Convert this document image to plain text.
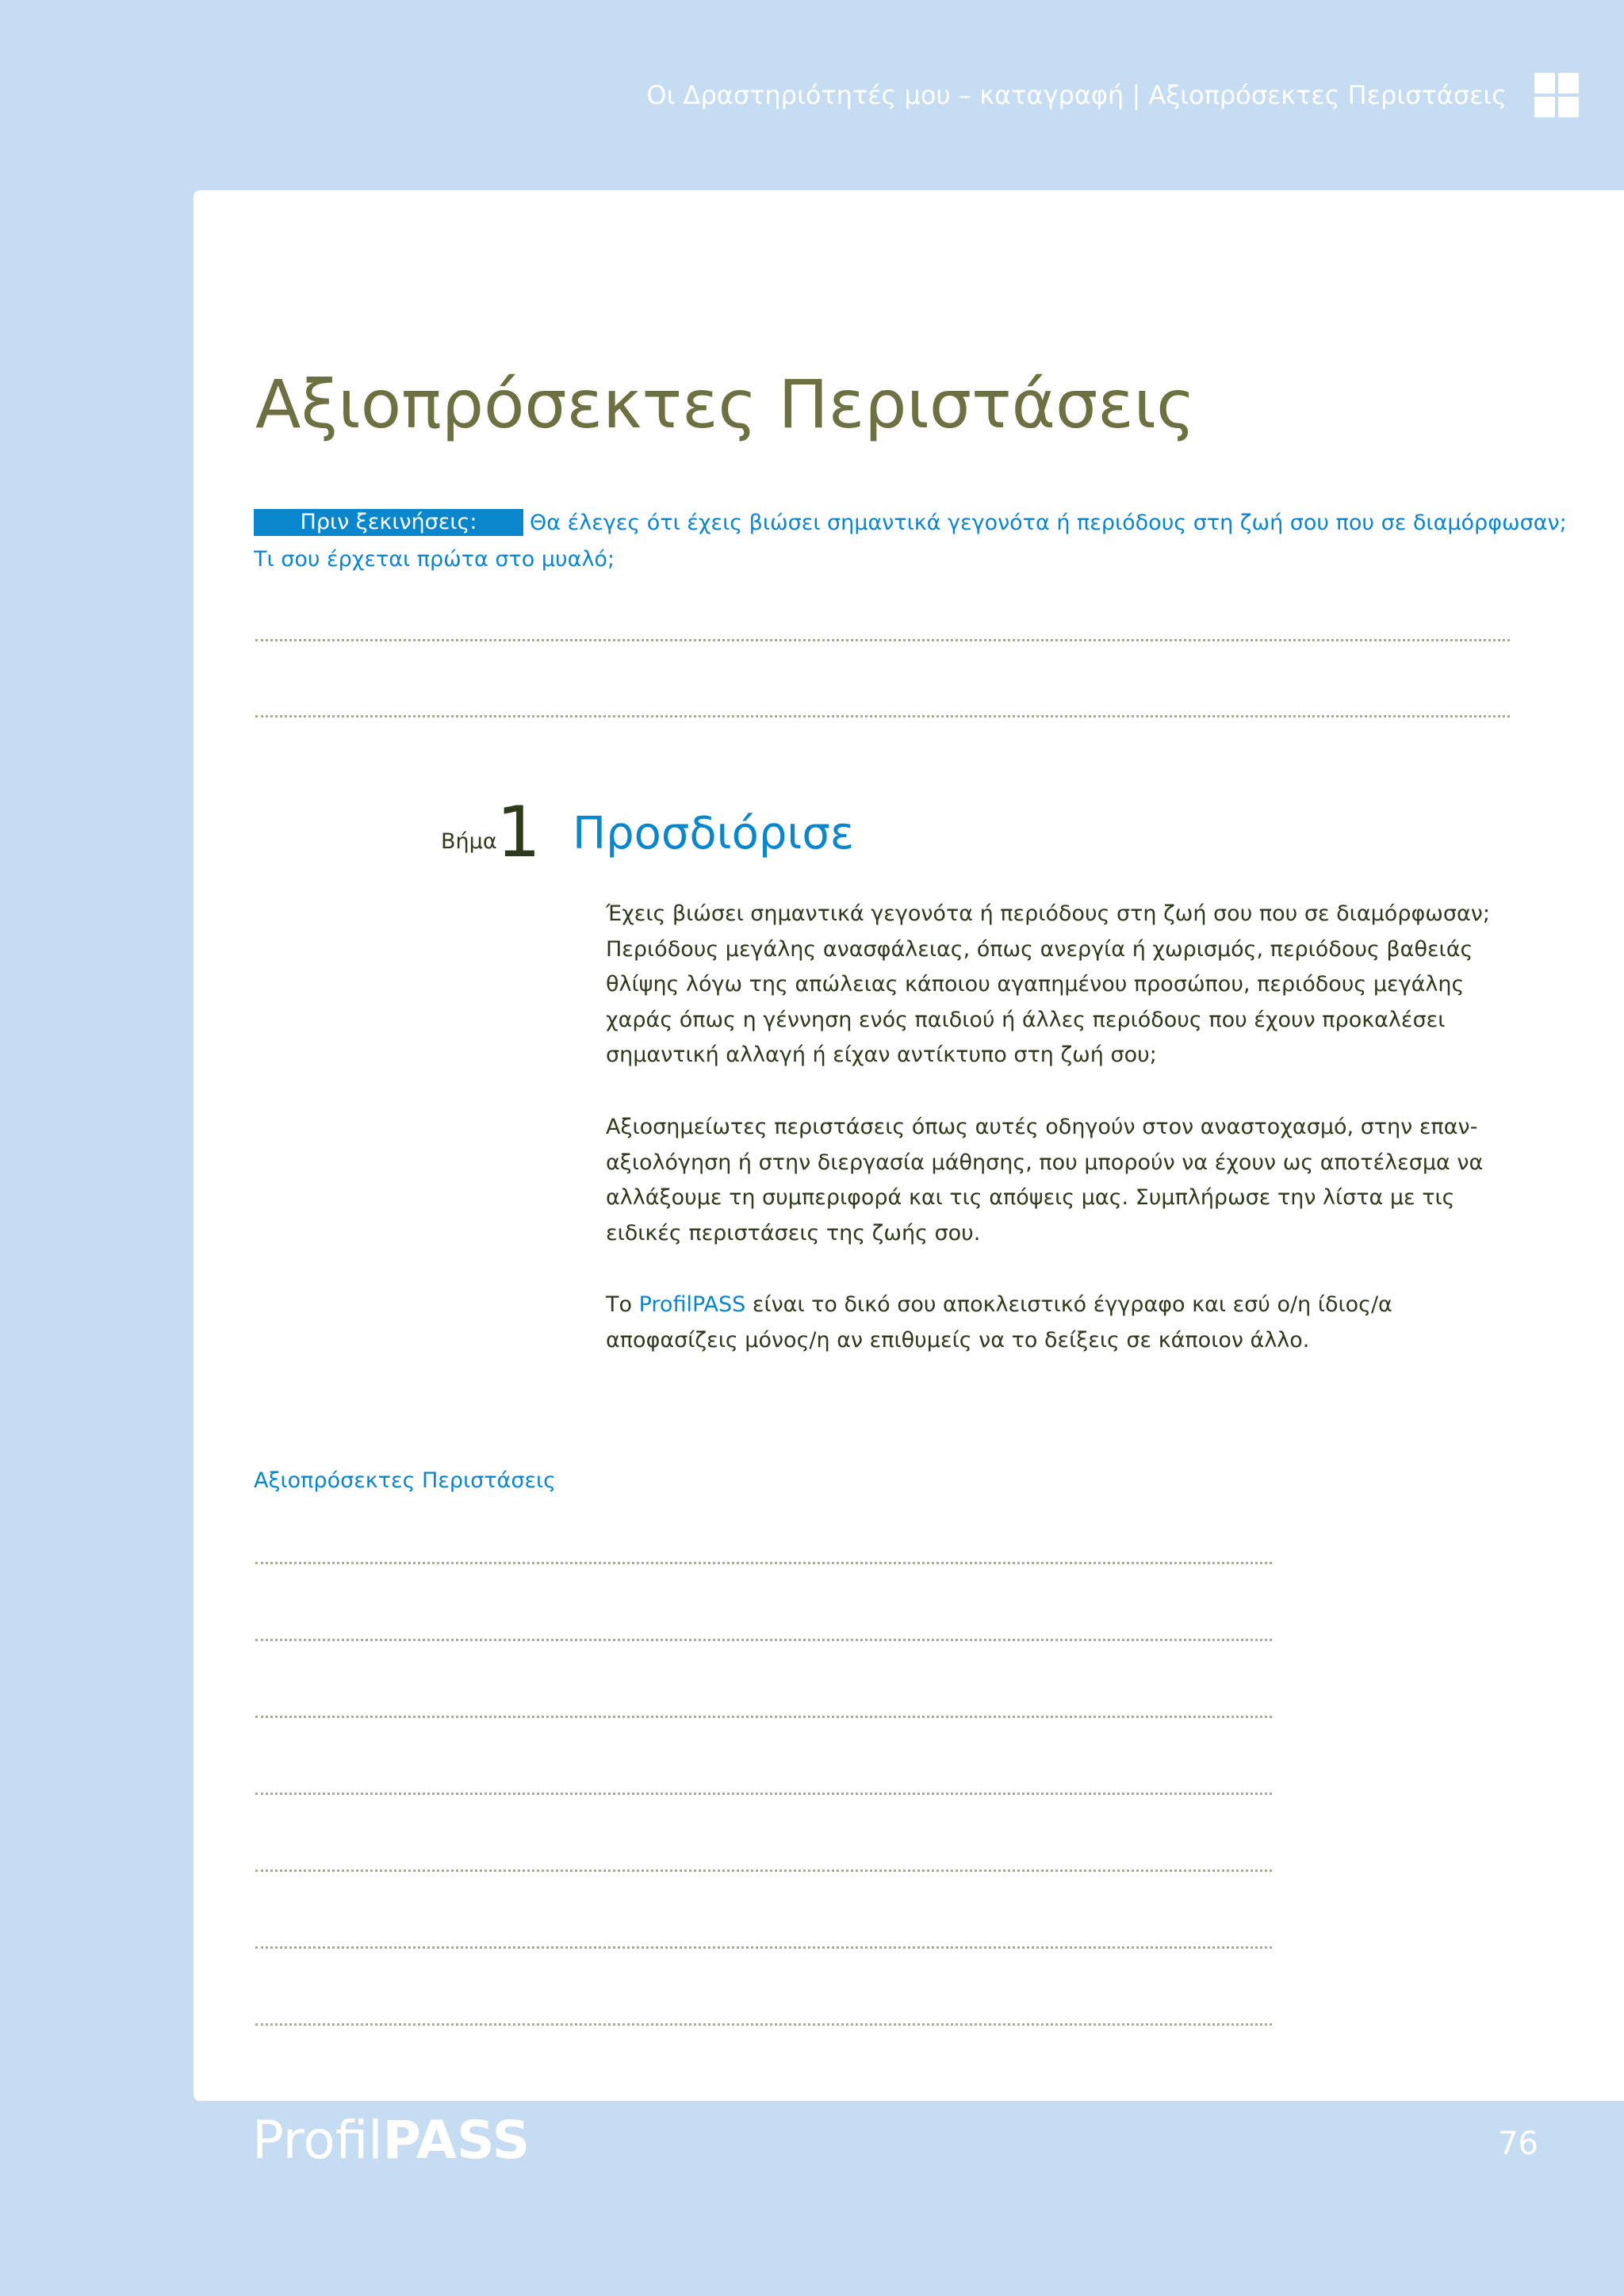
Οι Δραστηριότητές μου – καταγραφή | Αξιοπρόσεκτες Περιστάσεις
Αξιοπρόσεκτες Περιστάσεις
Πριν ξεκινήσεις:	Θα έλεγες ότι έχεις βιώσει σημαντικά γεγονότα ή περιόδους στη ζωή σου που σε διαμόρφωσαν;
Τι σου έρχεται πρώτα στο μυαλό;
Βήμα 1 Προσδιόρισε

Έχεις βιώσει σημαντικά γεγονότα ή περιόδους στη ζωή σου που σε διαμόρφωσαν; Περιόδους μεγάλης ανασφάλειας, όπως ανεργία ή χωρισμός, περιόδους βαθειάς θλίψης λόγω της απώλειας κάποιου αγαπημένου προσώπου, περιόδους μεγάλης χαράς όπως η γέννηση ενός παιδιού ή άλλες περιόδους που έχουν προκαλέσει σημαντική αλλαγή ή είχαν αντίκτυπο στη ζωή σου;

Αξιοσημείωτες περιστάσεις όπως αυτές οδηγούν στον αναστοχασμό, στην επαν-αξιολόγηση ή στην διεργασία μάθησης, που μπορούν να έχουν ως αποτέλεσμα να αλλάξουμε τη συμπεριφορά και τις απόψεις μας. Συμπλήρωσε την λίστα με τις ειδικές περιστάσεις της ζωής σου.

Το ProfilPASS είναι το δικό σου αποκλειστικό έγγραφο και εσύ ο/η ίδιος/α αποφασίζεις μόνος/η αν επιθυμείς να το δείξεις σε κάποιον άλλο.

Αξιοπρόσεκτες Περιστάσεις
ProfilPASS	76
